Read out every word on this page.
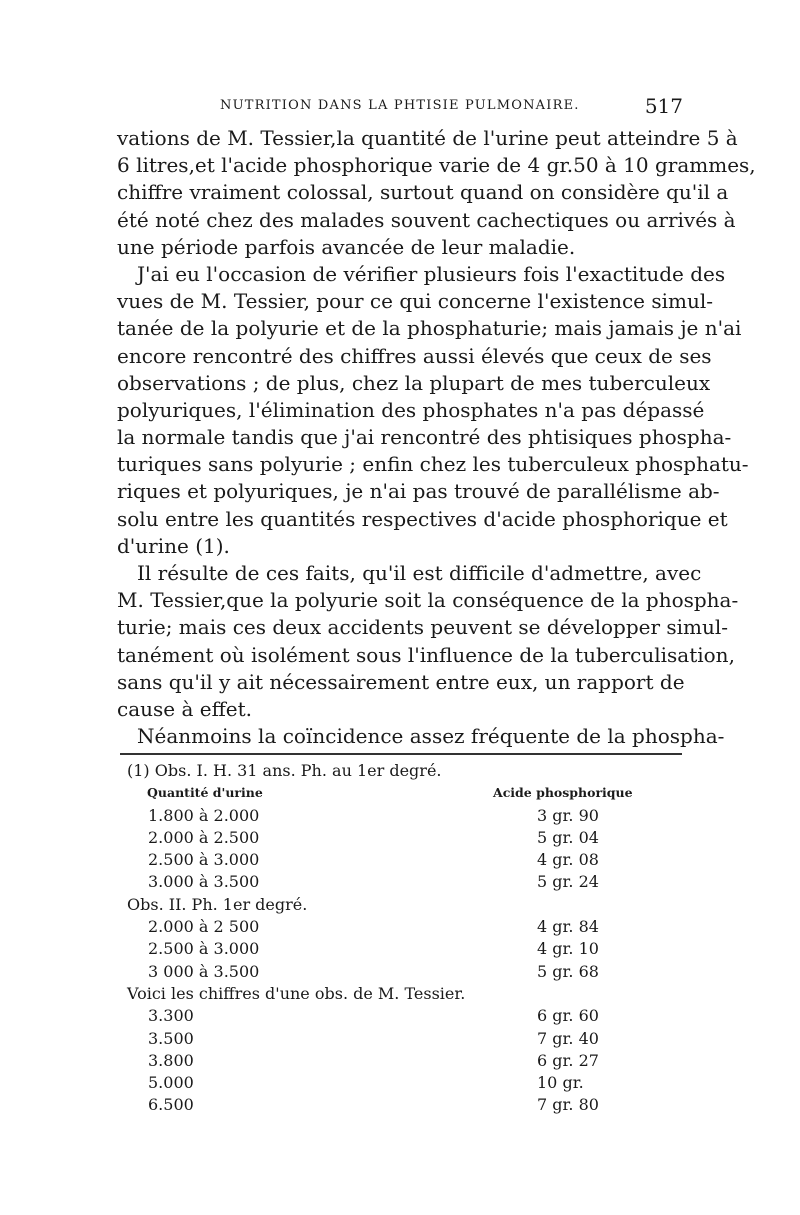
NUTRITION DANS LA PHTISIE PULMONAIRE.	517
vations de M. Tessier,la quantité de l'urine peut atteindre 5 à
6 litres,et l'acide phosphorique varie de 4 gr.50 à 10 grammes,
chiffre vraiment colossal, surtout quand on considère qu'il a
été noté chez des malades souvent cachectiques ou arrivés à
une période parfois avancée de leur maladie.
J'ai eu l'occasion de vérifier plusieurs fois l'exactitude des
vues de M. Tessier, pour ce qui concerne l'existence simul-
tanée de la polyurie et de la phosphaturie; mais jamais je n'ai
encore rencontré des chiffres aussi élevés que ceux de ses
observations ; de plus, chez la plupart de mes tuberculeux
polyuriques, l'élimination des phosphates n'a pas dépassé
la normale tandis que j'ai rencontré des phtisiques phospha-
turiques sans polyurie ; enfin chez les tuberculeux phosphatu-
riques et polyuriques, je n'ai pas trouvé de parallélisme ab-
solu entre les quantités respectives d'acide phosphorique et
d'urine (1).
Il résulte de ces faits, qu'il est difficile d'admettre, avec
M. Tessier,que la polyurie soit la conséquence de la phospha-
turie; mais ces deux accidents peuvent se développer simul-
tanément où isolément sous l'influence de la tuberculisation,
sans qu'il y ait nécessairement entre eux, un rapport de
cause à effet.
Néanmoins la coïncidence assez fréquente de la phospha-
(1) Obs. I. H. 31 ans. Ph. au 1er degré.
Quantité d'urine	Acide phosphorique
1.800 à 2.000	3 gr. 90
2.000 à 2.500	5 gr. 04
2.500 à 3.000	4 gr. 08
3.000 à 3.500	5 gr. 24
Obs. II. Ph. 1er degré.
2.000 à 2 500	4 gr. 84
2.500 à 3.000	4 gr. 10
3 000 à 3.500	5 gr. 68
Voici les chiffres d'une obs. de M. Tessier.
3.300	6 gr. 60
3.500	7 gr. 40
3.800	6 gr. 27
5.000	10 gr.
6.500	7 gr. 80
